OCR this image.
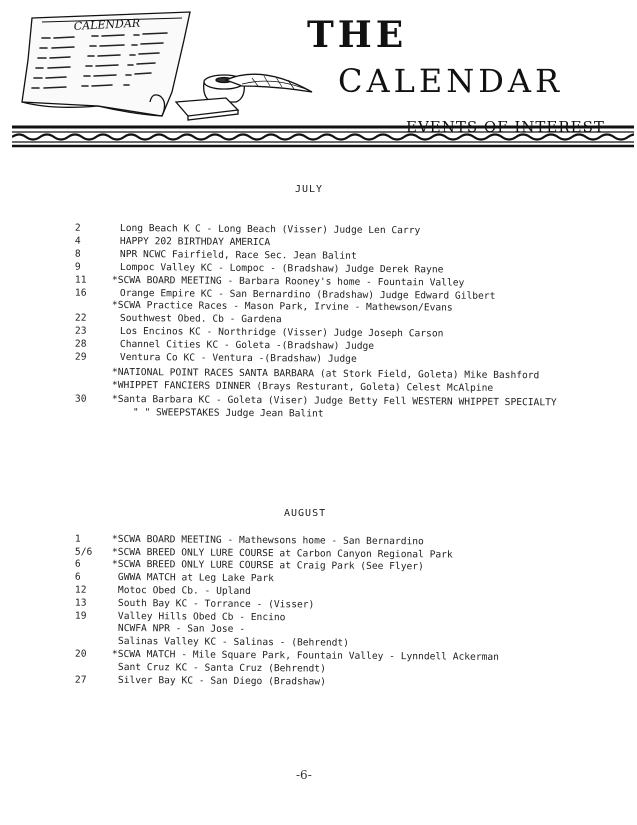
CALENDAR	THE
CALENDAR
EVENTS OF INTEREST
JULY
AUGUST
2	Long Beach K C - Long Beach (Visser) Judge Len Carry
4	HAPPY 202 BIRTHDAY AMERICA
8	NPR NCWC Fairfield, Race Sec. Jean Balint
9	Lompoc Valley KC - Lompoc - (Bradshaw) Judge Derek Rayne
11	*SCWA BOARD MEETING - Barbara Rooney's home - Fountain Valley
16	Orange Empire KC - San Bernardino (Bradshaw) Judge Edward Gilbert
*SCWA Practice Races - Mason Park, Irvine - Mathewson/Evans
22	Southwest Obed. Cb - Gardena
23	Los Encinos KC - Northridge (Visser) Judge Joseph Carson
28	Channel Cities KC - Goleta -(Bradshaw) Judge
29	Ventura Co KC - Ventura -(Bradshaw) Judge
*NATIONAL POINT RACES SANTA BARBARA (at Stork Field, Goleta) Mike Bashford
*WHIPPET FANCIERS DINNER (Brays Resturant, Goleta) Celest McAlpine
30	*Santa Barbara KC - Goleta (Viser) Judge Betty Fell WESTERN WHIPPET SPECIALTY
" " SWEEPSTAKES Judge Jean Balint
1	*SCWA BOARD MEETING - Mathewsons home - San Bernardino
5/6 *SCWA BREED ONLY LURE COURSE at Carbon Canyon Regional Park
6	*SCWA BREED ONLY LURE COURSE at Craig Park (See Flyer)
6	GWWA MATCH at Leg Lake Park
12	Motoc Obed Cb. - Upland
13	South Bay KC - Torrance - (Visser)
19	Valley Hills Obed Cb - Encino
NCWFA NPR - San Jose -
Salinas Valley KC - Salinas - (Behrendt)
20	*SCWA MATCH - Mile Square Park, Fountain Valley - Lynndell Ackerman
Sant Cruz KC - Santa Cruz (Behrendt)
27	Silver Bay KC - San Diego (Bradshaw)

-6-
